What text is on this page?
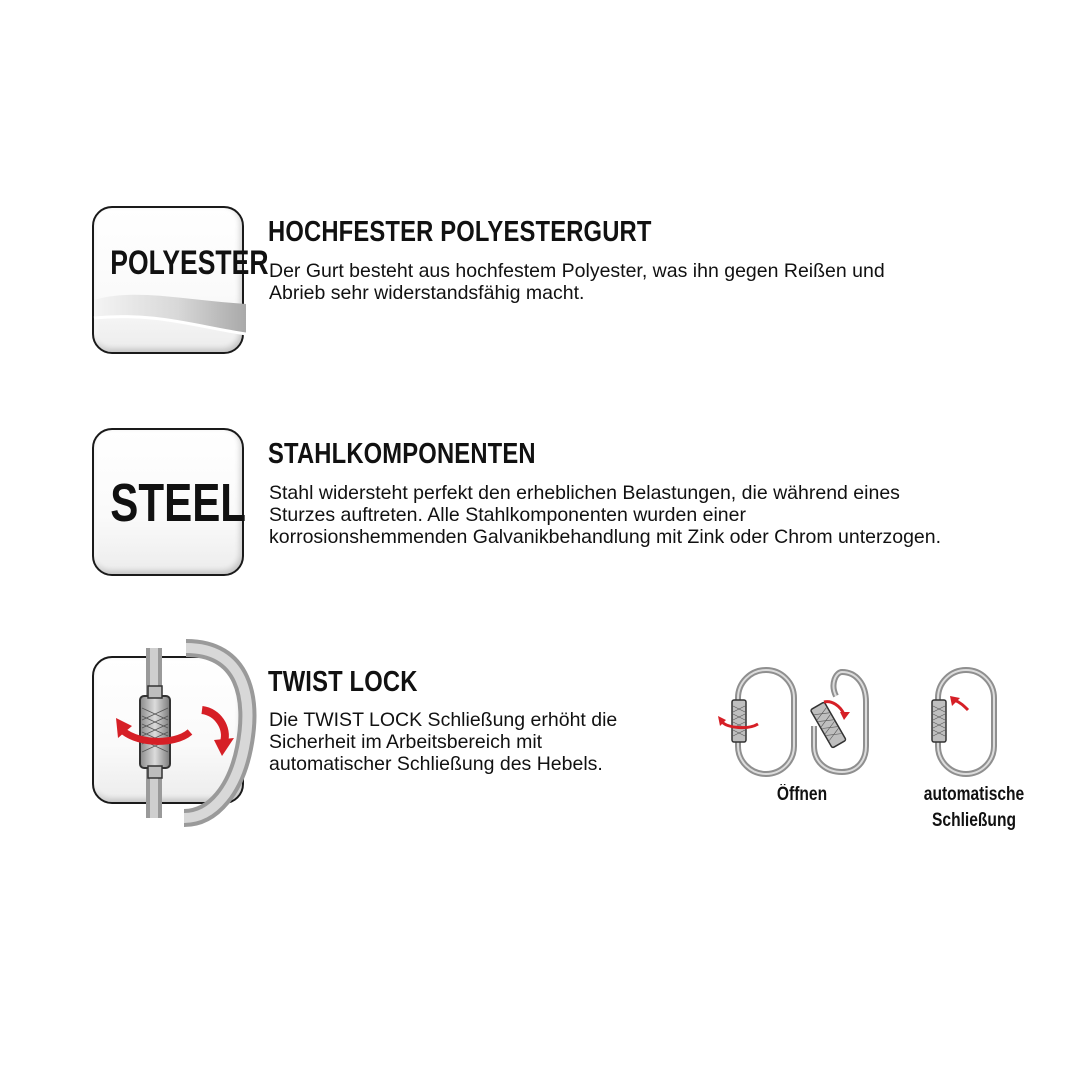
POLYESTER
HOCHFESTER POLYESTERGURT
Der Gurt besteht aus hochfestem Polyester, was ihn gegen Reißen und
Abrieb sehr widerstandsfähig macht.
STEEL
STAHLKOMPONENTEN
Stahl widersteht perfekt den erheblichen Belastungen, die während eines
Sturzes auftreten. Alle Stahlkomponenten wurden einer
korrosionshemmenden Galvanikbehandlung mit Zink oder Chrom unterzogen.
TWIST LOCK
Die TWIST LOCK Schließung erhöht die
Sicherheit im Arbeitsbereich mit
automatischer Schließung des Hebels.
Öffnen	automatische
Schließung
